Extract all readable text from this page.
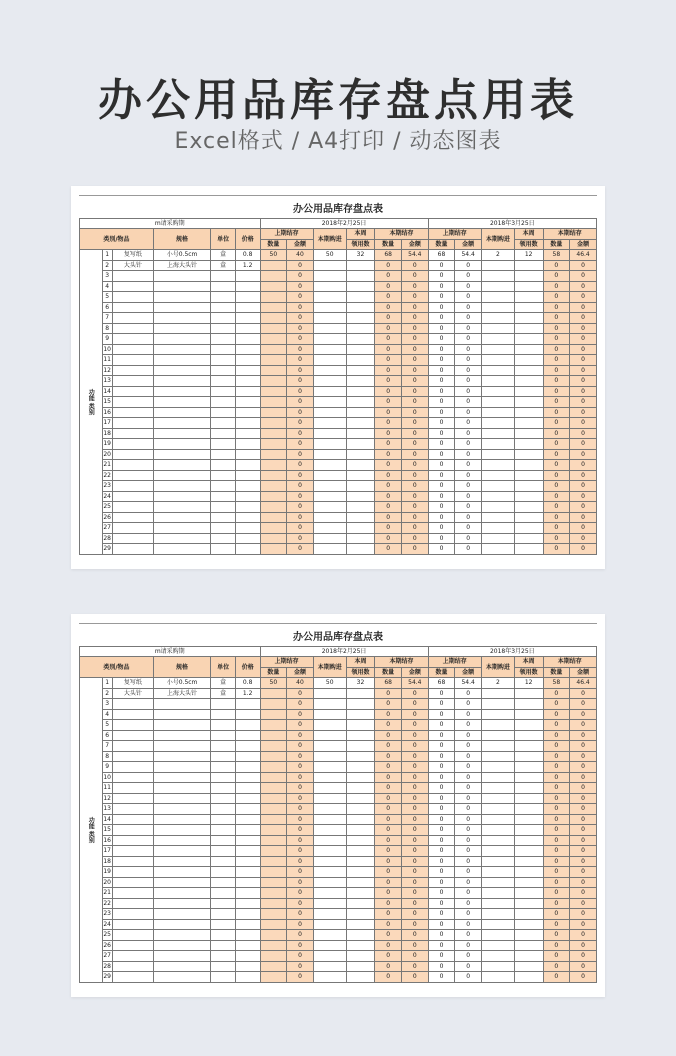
办公用品库存盘点用表
Excel格式 / A4打印 / 动态图表
办公用品库存盘点表																	
m请采购期						2018年2月25日						2018年3月25日					
类别/物品			规格	单位	价格	上期结存		本期购进	本周	本期结存		上期结存		本期购进	本周	本期结存	
						数量	金额		领用数	数量	金额	数量	金额		领用数	数量	金额
功能 类别	1	复写纸	小号0.5cm	盒	0.8	50	40	50	32	68	54.4	68	54.4	2	12	58	46.4
	2	大头针	上海大头针	盒	1.2		0			0	0	0	0			0	0
	3						0			0	0	0	0			0	0
	4						0			0	0	0	0			0	0
	5						0			0	0	0	0			0	0
	6						0			0	0	0	0			0	0
	7						0			0	0	0	0			0	0
	8						0			0	0	0	0			0	0
	9						0			0	0	0	0			0	0
	10						0			0	0	0	0			0	0
	11						0			0	0	0	0			0	0
	12						0			0	0	0	0			0	0
	13						0			0	0	0	0			0	0
	14						0			0	0	0	0			0	0
	15						0			0	0	0	0			0	0
	16						0			0	0	0	0			0	0
	17						0			0	0	0	0			0	0
	18						0			0	0	0	0			0	0
	19						0			0	0	0	0			0	0
	20						0			0	0	0	0			0	0
	21						0			0	0	0	0			0	0
	22						0			0	0	0	0			0	0
	23						0			0	0	0	0			0	0
	24						0			0	0	0	0			0	0
	25						0			0	0	0	0			0	0
	26						0			0	0	0	0			0	0
	27						0			0	0	0	0			0	0
	28						0			0	0	0	0			0	0
	29						0			0	0	0	0			0	0
办公用品库存盘点表																	
m请采购期						2018年2月25日						2018年3月25日					
类别/物品			规格	单位	价格	上期结存		本期购进	本周	本期结存		上期结存		本期购进	本周	本期结存	
						数量	金额		领用数	数量	金额	数量	金额		领用数	数量	金额
功能 类别	1	复写纸	小号0.5cm	盒	0.8	50	40	50	32	68	54.4	68	54.4	2	12	58	46.4
	2	大头针	上海大头针	盒	1.2		0			0	0	0	0			0	0
	3						0			0	0	0	0			0	0
	4						0			0	0	0	0			0	0
	5						0			0	0	0	0			0	0
	6						0			0	0	0	0			0	0
	7						0			0	0	0	0			0	0
	8						0			0	0	0	0			0	0
	9						0			0	0	0	0			0	0
	10						0			0	0	0	0			0	0
	11						0			0	0	0	0			0	0
	12						0			0	0	0	0			0	0
	13						0			0	0	0	0			0	0
	14						0			0	0	0	0			0	0
	15						0			0	0	0	0			0	0
	16						0			0	0	0	0			0	0
	17						0			0	0	0	0			0	0
	18						0			0	0	0	0			0	0
	19						0			0	0	0	0			0	0
	20						0			0	0	0	0			0	0
	21						0			0	0	0	0			0	0
	22						0			0	0	0	0			0	0
	23						0			0	0	0	0			0	0
	24						0			0	0	0	0			0	0
	25						0			0	0	0	0			0	0
	26						0			0	0	0	0			0	0
	27						0			0	0	0	0			0	0
	28						0			0	0	0	0			0	0
	29						0			0	0	0	0			0	0
